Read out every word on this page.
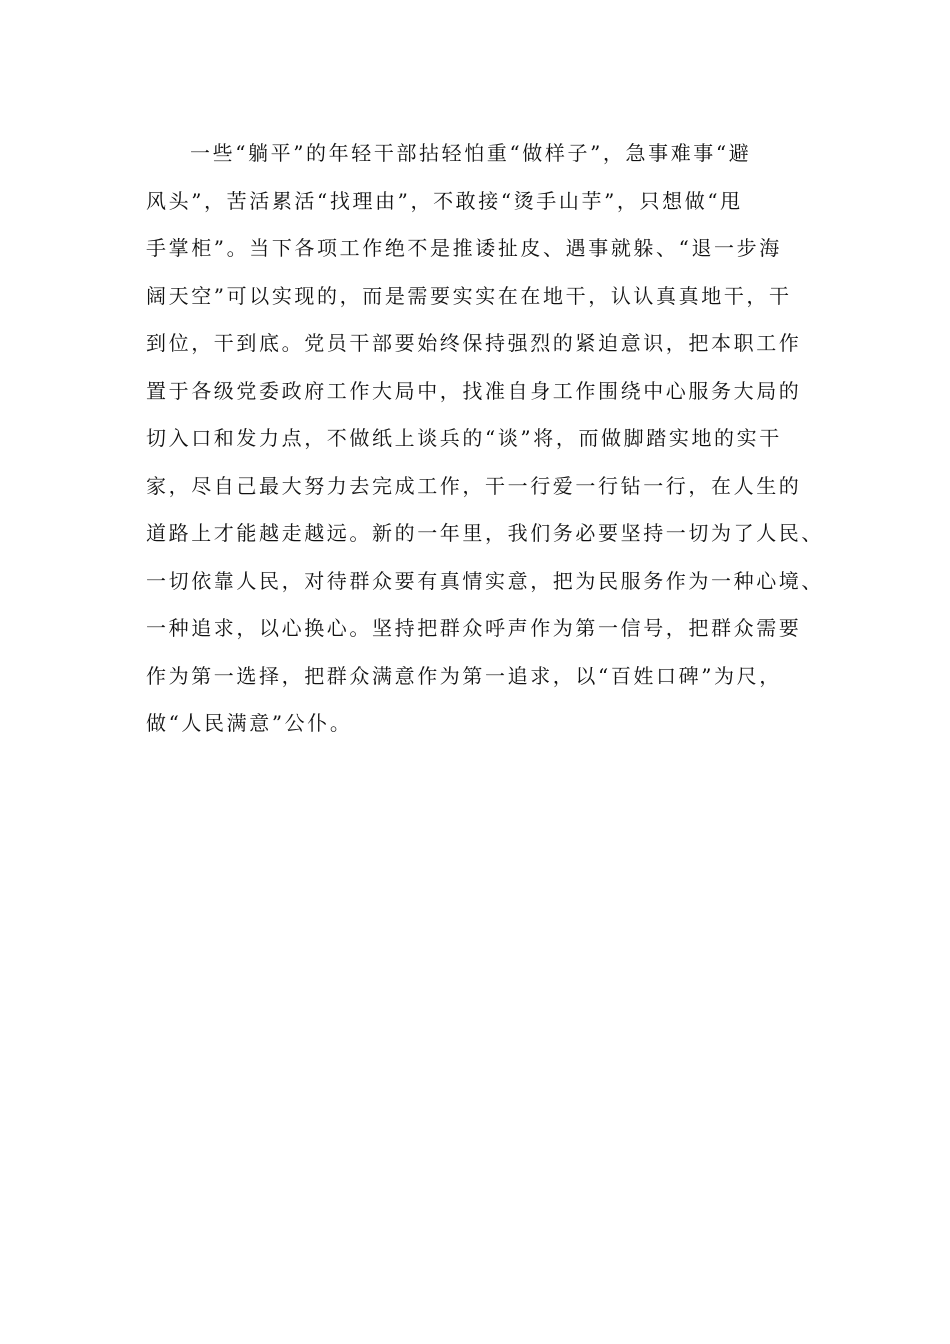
一些“躺平”的年轻干部拈轻怕重“做样子”，急事难事“避
风头”，苦活累活“找理由”，不敢接“烫手山芋”，只想做“甩
手掌柜”。当下各项工作绝不是推诿扯皮、遇事就躲、“退一步海
阔天空”可以实现的，而是需要实实在在地干，认认真真地干，干
到位，干到底。党员干部要始终保持强烈的紧迫意识，把本职工作
置于各级党委政府工作大局中，找准自身工作围绕中心服务大局的
切入口和发力点，不做纸上谈兵的“谈”将，而做脚踏实地的实干
家，尽自己最大努力去完成工作，干一行爱一行钻一行，在人生的
道路上才能越走越远。新的一年里，我们务必要坚持一切为了人民、
一切依靠人民，对待群众要有真情实意，把为民服务作为一种心境、
一种追求，以心换心。坚持把群众呼声作为第一信号，把群众需要
作为第一选择，把群众满意作为第一追求，以“百姓口碑”为尺，
做“人民满意”公仆。
